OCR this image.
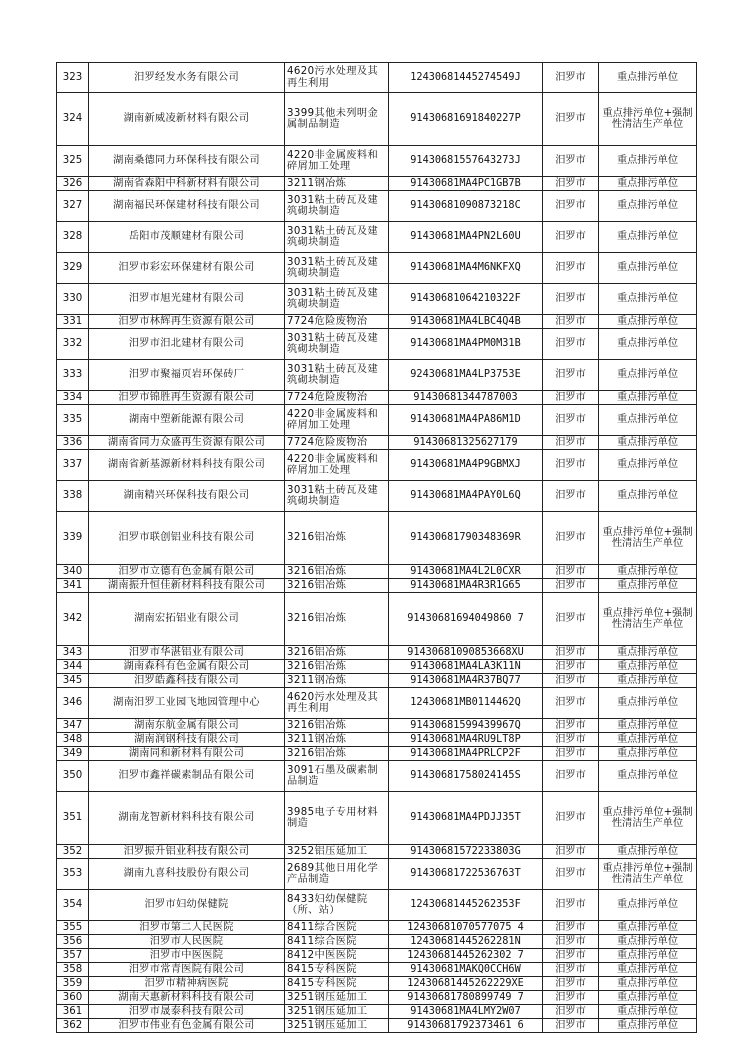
323	汨罗经发水务有限公司	4620污水处理及其再生利用	12430681445274549J	汨罗市	重点排污单位
324	湖南新威凌新材料有限公司	3399其他未列明金属制品制造	91430681691840227P	汨罗市	重点排污单位+强制性清洁生产单位
325	湖南桑德同力环保科技有限公司	4220非金属废料和碎屑加工处理	91430681557643273J	汨罗市	重点排污单位
326	湖南省森阳中科新材料有限公司	3211钢冶炼	91430681MA4PC1GB7B	汨罗市	重点排污单位
327	湖南福民环保建材科技有限公司	3031粘土砖瓦及建筑砌块制造	91430681090873218C	汨罗市	重点排污单位
328	岳阳市茂顺建材有限公司	3031粘土砖瓦及建筑砌块制造	91430681MA4PN2L60U	汨罗市	重点排污单位
329	汨罗市彩宏环保建材有限公司	3031粘土砖瓦及建筑砌块制造	91430681MA4M6NKFXQ	汨罗市	重点排污单位
330	汨罗市旭光建材有限公司	3031粘土砖瓦及建筑砌块制造	91430681064210322F	汨罗市	重点排污单位
331	汨罗市林辉再生资源有限公司	7724危险废物治	91430681MA4LBC4Q4B	汨罗市	重点排污单位
332	汨罗市汨北建材有限公司	3031粘土砖瓦及建筑砌块制造	91430681MA4PM0M31B	汨罗市	重点排污单位
333	汨罗市聚福页岩环保砖厂	3031粘土砖瓦及建筑砌块制造	92430681MA4LP3753E	汨罗市	重点排污单位
334	汨罗市锦胜再生资源有限公司	7724危险废物治	91430681344787003	汨罗市	重点排污单位
335	湖南中塑新能源有限公司	4220非金属废料和碎屑加工处理	91430681MA4PA86M1D	汨罗市	重点排污单位
336	湖南省同力众盛再生资源有限公司	7724危险废物治	91430681325627179	汨罗市	重点排污单位
337	湖南省新基源新材料科技有限公司	4220非金属废料和碎屑加工处理	91430681MA4P9GBMXJ	汨罗市	重点排污单位
338	湖南精兴环保科技有限公司	3031粘土砖瓦及建筑砌块制造	91430681MA4PAY0L6Q	汨罗市	重点排污单位
339	汨罗市联创铝业科技有限公司	3216铝冶炼	91430681790348369R	汨罗市	重点排污单位+强制性清洁生产单位
340	汨罗市立德有色金属有限公司	3216铝冶炼	91430681MA4L2L0CXR	汨罗市	重点排污单位
341	湖南振升恒佳新材料科技有限公司	3216铝冶炼	91430681MA4R3R1G65	汨罗市	重点排污单位
342	湖南宏拓铝业有限公司	3216铝冶炼	91430681694049860 7	汨罗市	重点排污单位+强制性清洁生产单位
343	汨罗市华湛铝业有限公司	3216铝冶炼	91430681090853668XU	汨罗市	重点排污单位
344	湖南森科有色金属有限公司	3216铝冶炼	91430681MA4LA3K11N	汨罗市	重点排污单位
345	汨罗皓鑫科技有限公司	3211钢冶炼	91430681MA4R37BQ77	汨罗市	重点排污单位
346	湖南汨罗工业园飞地园管理中心	4620污水处理及其再生利用	12430681MB0114462Q	汨罗市	重点排污单位
347	湖南东航金属有限公司	3216铝冶炼	91430681599439967Q	汨罗市	重点排污单位
348	湖南润钢科技有限公司	3211钢冶炼	91430681MA4RU9LT8P	汨罗市	重点排污单位
349	湖南同和新材料有限公司	3216铝冶炼	91430681MA4PRLCP2F	汨罗市	重点排污单位
350	汨罗市鑫祥碳素制品有限公司	3091石墨及碳素制品制造	91430681758024145S	汨罗市	重点排污单位
351	湖南龙智新材料科技有限公司	3985电子专用材料制造	91430681MA4PDJJ35T	汨罗市	重点排污单位+强制性清洁生产单位
352	汨罗振升铝业科技有限公司	3252铝压延加工	91430681572233803G	汨罗市	重点排污单位
353	湖南九喜科技股份有限公司	2689其他日用化学产品制造	91430681722536763T	汨罗市	重点排污单位+强制性清洁生产单位
354	汨罗市妇幼保健院	8433妇幼保健院（所、站）	12430681445262353F	汨罗市	重点排污单位
355	汨罗市第二人民医院	8411综合医院	12430681070577075 4	汨罗市	重点排污单位
356	汨罗市人民医院	8411综合医院	12430681445262281N	汨罗市	重点排污单位
357	汨罗市中医医院	8412中医医院	12430681445262302 7	汨罗市	重点排污单位
358	汨罗市常青医院有限公司	8415专科医院	91430681MAKQ0CCH6W	汨罗市	重点排污单位
359	汨罗市精神病医院	8415专科医院	12430681445262229XE	汨罗市	重点排污单位
360	湖南天惠新材料科技有限公司	3251钢压延加工	91430681780899749 7	汨罗市	重点排污单位
361	汨罗市晟泰科技有限公司	3251钢压延加工	91430681MA4LMY2W07	汨罗市	重点排污单位
362	汨罗市伟业有色金属有限公司	3251钢压延加工	91430681792373461 6	汨罗市	重点排污单位
